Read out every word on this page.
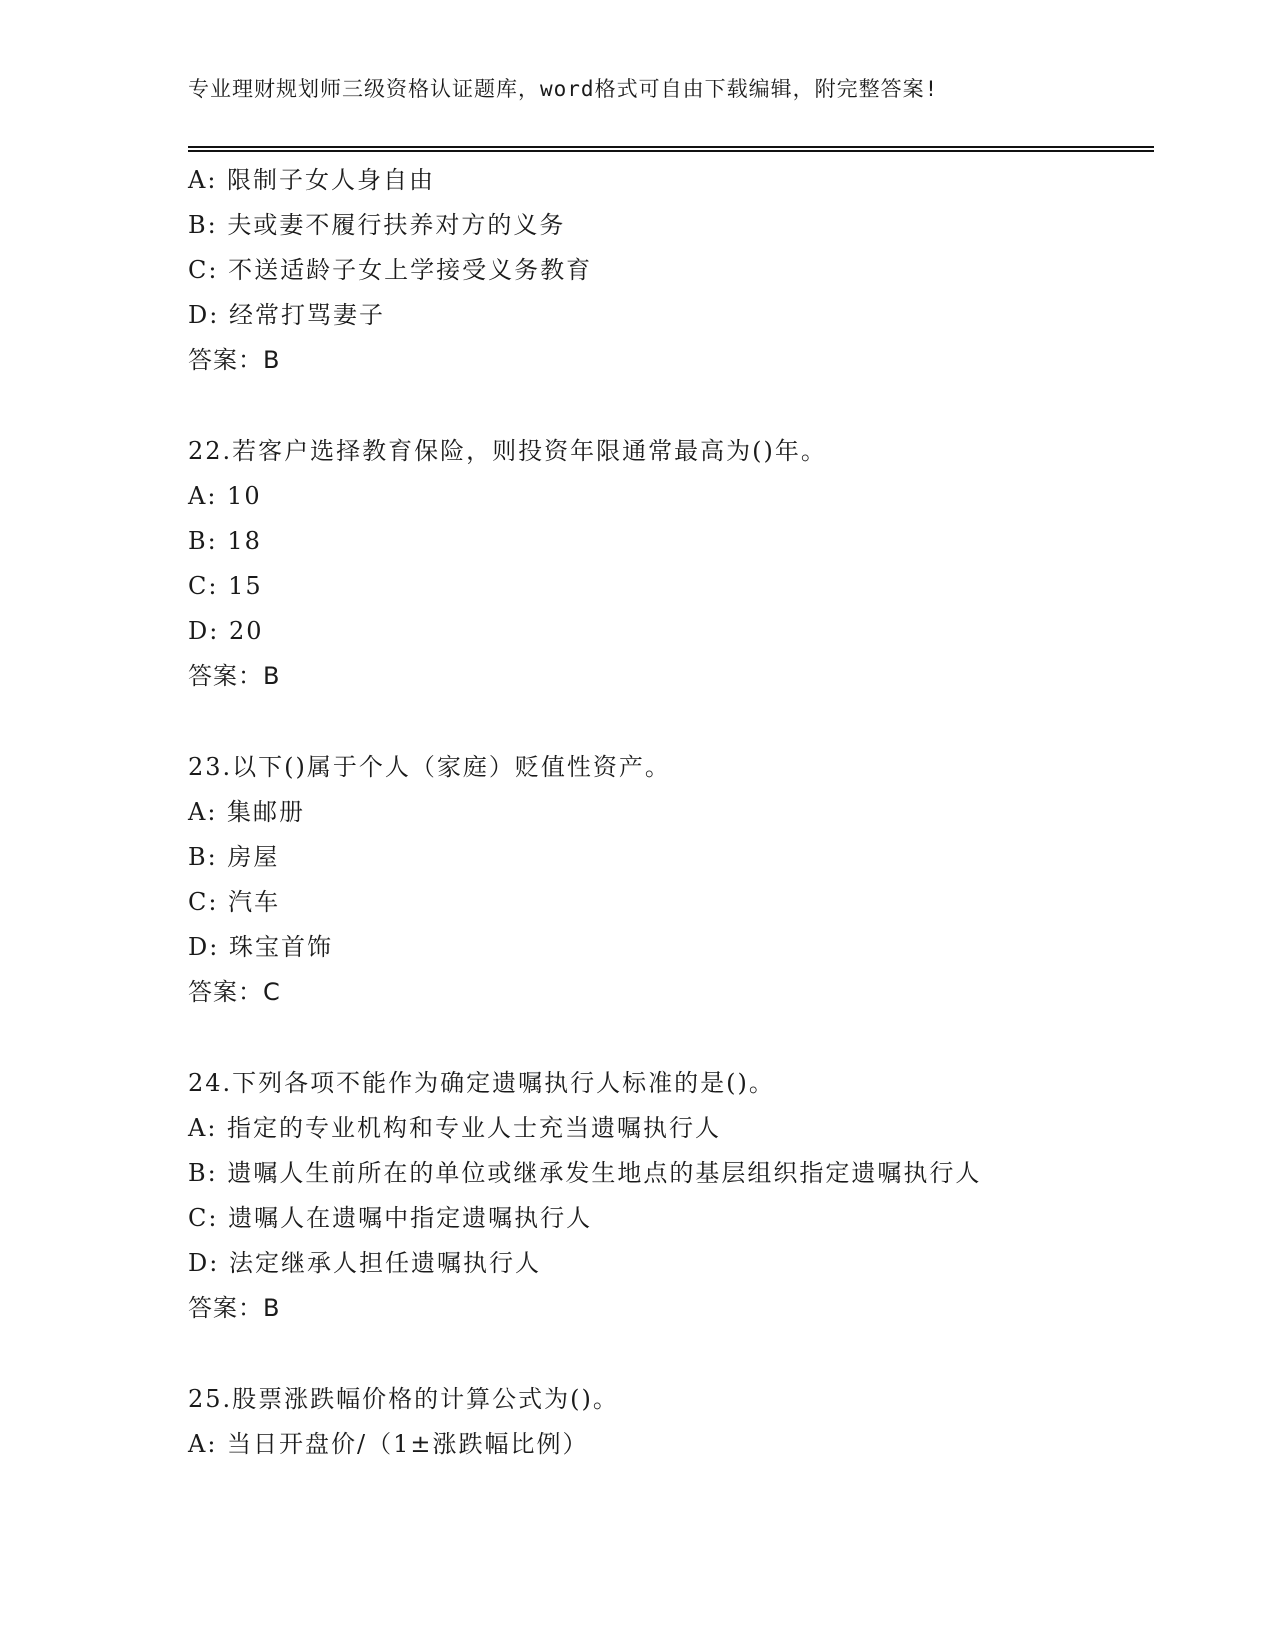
专业理财规划师三级资格认证题库，word格式可自由下载编辑，附完整答案!
A: 限制子女人身自由
B: 夫或妻不履行扶养对方的义务
C: 不送适龄子女上学接受义务教育
D: 经常打骂妻子
答案：B
22.若客户选择教育保险，则投资年限通常最高为()年。
A: 10
B: 18
C: 15
D: 20
答案：B
23.以下()属于个人（家庭）贬值性资产。
A: 集邮册
B: 房屋
C: 汽车
D: 珠宝首饰
答案：C
24.下列各项不能作为确定遗嘱执行人标准的是()。
A: 指定的专业机构和专业人士充当遗嘱执行人
B: 遗嘱人生前所在的单位或继承发生地点的基层组织指定遗嘱执行人
C: 遗嘱人在遗嘱中指定遗嘱执行人
D: 法定继承人担任遗嘱执行人
答案：B
25.股票涨跌幅价格的计算公式为()。
A: 当日开盘价/（1±涨跌幅比例）
